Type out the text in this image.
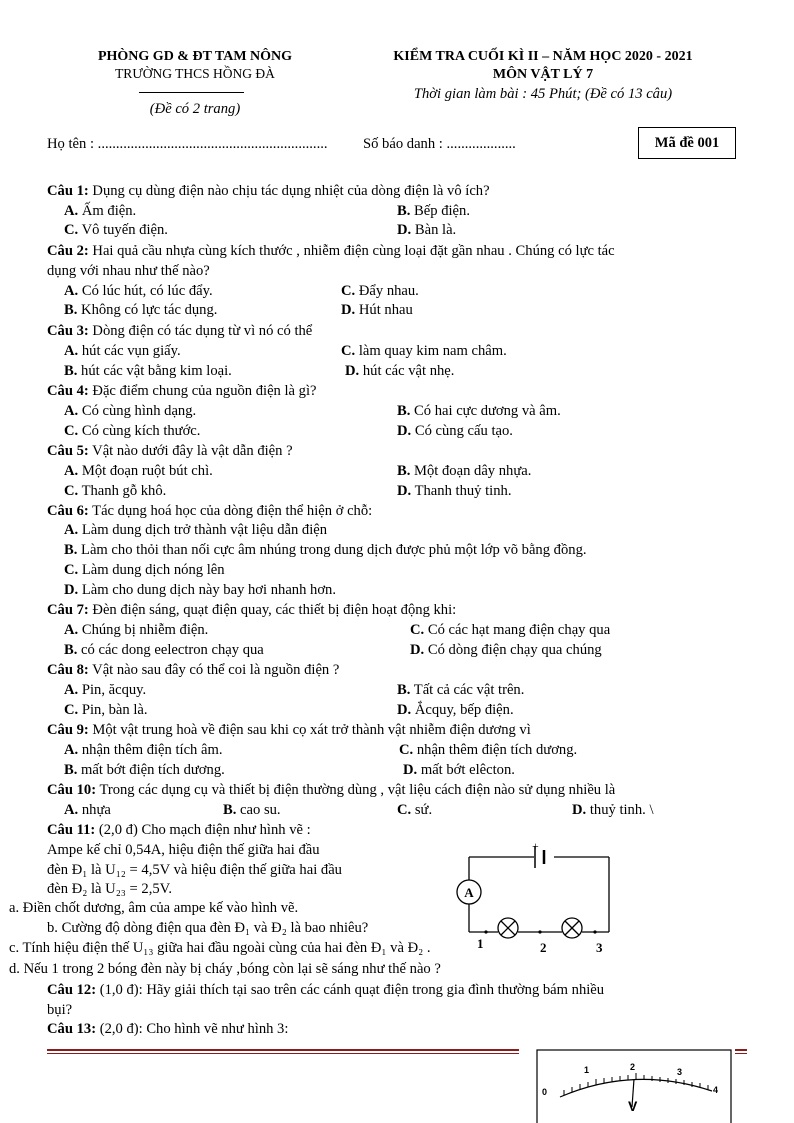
PHÒNG GD & ĐT TAM NÔNG
TRƯỜNG THCS HỒNG ĐÀ
(Đề có 2 trang)
KIỂM TRA CUỐI KÌ II – NĂM HỌC 2020 - 2021
MÔN VẬT LÝ 7
Thời gian làm bài : 45 Phút; (Đề có 13 câu)
Họ tên : ............................................................... Số báo danh : ...................	Mã đề 001
Câu 1: Dụng cụ dùng điện nào chịu tác dụng nhiệt của dòng điện là vô ích?
A. Ấm điện.	B. Bếp điện.
C. Vô tuyến điện.	D. Bàn là.
Câu 2: Hai quả cầu nhựa cùng kích thước , nhiễm điện cùng loại đặt gần nhau . Chúng có lực tác
dụng với nhau như thế nào?
A. Có lúc hút, có lúc đẩy.	C. Đẩy nhau.
B. Không có lực tác dụng.	D. Hút nhau
Câu 3: Dòng điện có tác dụng từ vì nó có thể
A. hút các vụn giấy.	C. làm quay kim nam châm.
B. hút các vật bằng kim loại.	D. hút các vật nhẹ.
Câu 4: Đặc điểm chung của nguồn điện là gì?
A. Có cùng hình dạng.	B. Có hai cực dương và âm.
C. Có cùng kích thước.	D. Có cùng cấu tạo.
Câu 5: Vật nào dưới đây là vật dẫn điện ?
A. Một đoạn ruột bút chì.	B. Một đoạn dây nhựa.
C. Thanh gỗ khô.	D. Thanh thuỷ tinh.
Câu 6: Tác dụng hoá học của dòng điện thể hiện ở chỗ:
A. Làm dung dịch trở thành vật liệu dẫn điện
B. Làm cho thỏi than nối cực âm nhúng trong dung dịch được phủ một lớp võ bằng đồng.
C. Làm dung dịch nóng lên
D. Làm cho dung dịch này bay hơi nhanh hơn.
Câu 7: Đèn điện sáng, quạt điện quay, các thiết bị điện hoạt động khi:
A. Chúng bị nhiễm điện.	C. Có các hạt mang điện chạy qua
B. có các dong eelectron chạy qua	D. Có dòng điện chạy qua chúng
Câu 8: Vật nào sau đây có thể coi là nguồn điện ?
A. Pin, ăcquy.	B. Tất cả các vật trên.
C. Pin, bàn là.	D. Ắcquy, bếp điện.
Câu 9: Một vật trung hoà về điện sau khi cọ xát trở thành vật nhiễm điện dương vì
A. nhận thêm điện tích âm.	C. nhận thêm điện tích dương.
B. mất bớt điện tích dương.	D. mất bớt elêcton.
Câu 10: Trong các dụng cụ và thiết bị điện thường dùng , vật liệu cách điện nào sử dụng nhiều là
A. nhựa	B. cao su.	C. sứ.	D. thuỷ tinh. \
Câu 11: (2,0 đ) Cho mạch điện như hình vẽ :
Ampe kế chỉ 0,54A, hiệu điện thế giữa hai đầu
đèn Đ₁ là U₁₂ = 4,5V và hiệu điện thế giữa hai đầu
đèn Đ₂ là U₂₃ = 2,5V.
a. Điền chốt dương, âm của ampe kế vào hình vẽ.
b. Cường độ dòng điện qua đèn Đ₁ và Đ₂ là bao nhiêu?
c. Tính hiệu điện thế U₁₃ giữa hai đầu ngoài cùng của hai đèn Đ₁ và Đ₂ .
d. Nếu 1 trong 2 bóng đèn này bị cháy ,bóng còn lại sẽ sáng như thế nào ?
+
A
1	2	3
Câu 12: (1,0 đ): Hãy giải thích tại sao trên các cánh quạt điện trong gia đình thường bám nhiều
bụi?
Câu 13: (2,0 đ): Cho hình vẽ như hình 3:
0
1	2	3
4
V
